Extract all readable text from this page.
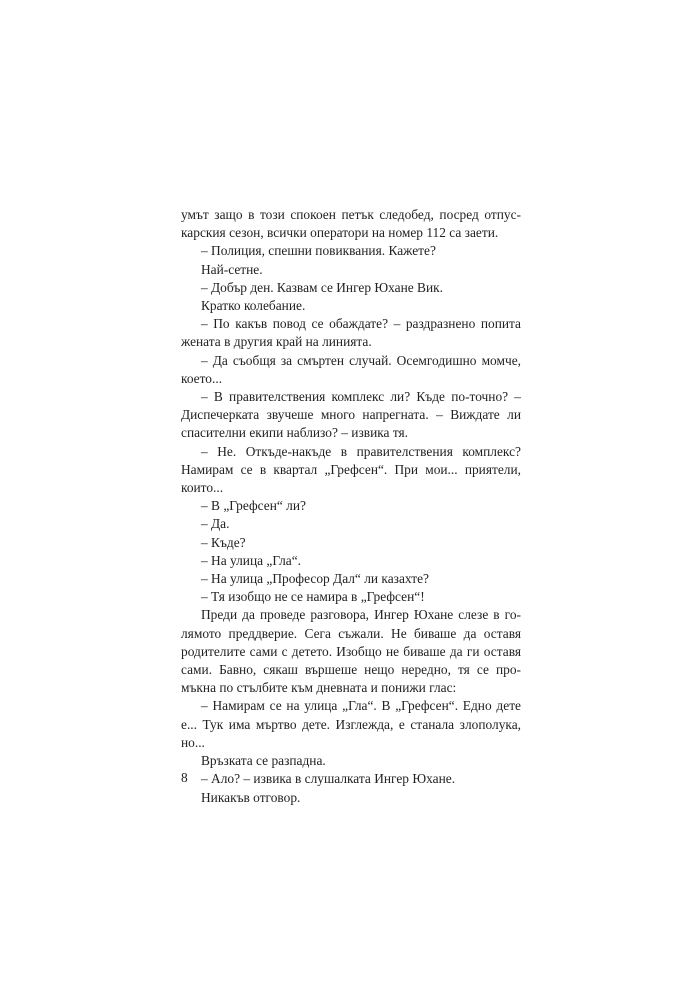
умът защо в този спокоен петък следобед, посред отпус-
карския сезон, всички оператори на номер 112 са заети.
– Полиция, спешни повиквания. Кажете?
Най-сетне.
– Добър ден. Казвам се Ингер Юхане Вик.
Кратко колебание.
– По какъв повод се обаждате? – раздразнено попита
жената в другия край на линията.
– Да съобщя за смъртен случай. Осемгодишно момче,
което...
– В правителствения комплекс ли? Къде по-точно? –
Диспечерката звучеше много напрегната. – Виждате ли
спасителни екипи наблизо? – извика тя.
– Не. Откъде-накъде в правителствения комплекс?
Намирам се в квартал „Грефсен“. При мои... приятели,
които...
– В „Грефсен“ ли?
– Да.
– Къде?
– На улица „Гла“.
– На улица „Професор Дал“ ли казахте?
– Тя изобщо не се намира в „Грефсен“!
Преди да проведе разговора, Ингер Юхане слезе в го-
лямото преддверие. Сега съжали. Не биваше да оставя
родителите сами с детето. Изобщо не биваше да ги оставя
сами. Бавно, сякаш вършеше нещо нередно, тя се про-
мъкна по стълбите към дневната и понижи глас:
– Намирам се на улица „Гла“. В „Грефсен“. Едно дете
е... Тук има мъртво дете. Изглежда, е станала злополука,
но...
Връзката се разпадна.
– Ало? – извика в слушалката Ингер Юхане.
Никакъв отговор.
8
